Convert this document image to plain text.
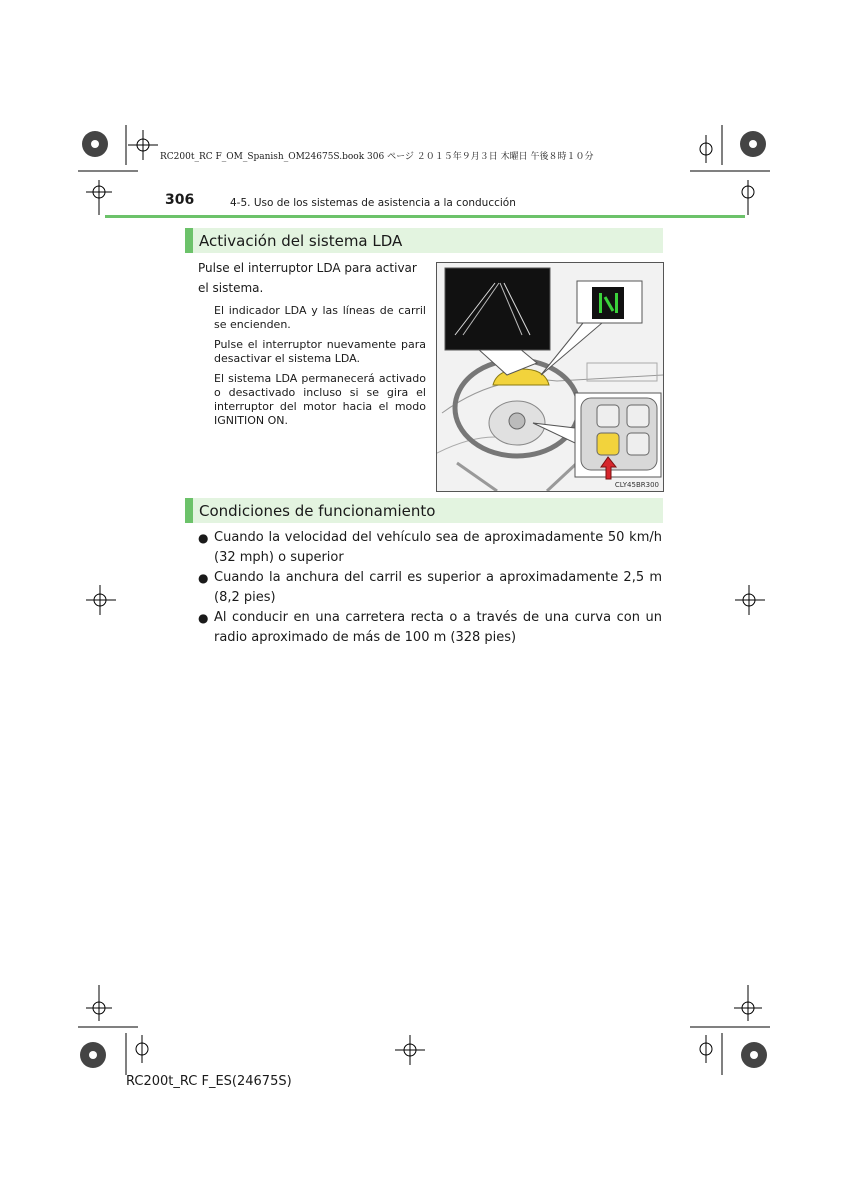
RC200t_RC F_OM_Spanish_OM24675S.book 306 ページ ２０１５年９月３日 木曜日 午後８時１０分
306	4-5. Uso de los sistemas de asistencia a la conducción
Activación del sistema LDA
Pulse el interruptor LDA para activar el sistema.
El indicador LDA y las líneas de carril se encienden.
Pulse el interruptor nuevamente para desactivar el sistema LDA.
El sistema LDA permanecerá activado o desactivado incluso si se gira el interruptor del motor hacia el modo IGNITION ON.
CLY45BR300
Condiciones de funcionamiento
● Cuando la velocidad del vehículo sea de aproximadamente 50 km/h (32 mph) o superior
● Cuando la anchura del carril es superior a aproximadamente 2,5 m (8,2 pies)
● Al conducir en una carretera recta o a través de una curva con un radio aproximado de más de 100 m (328 pies)
RC200t_RC F_ES(24675S)
